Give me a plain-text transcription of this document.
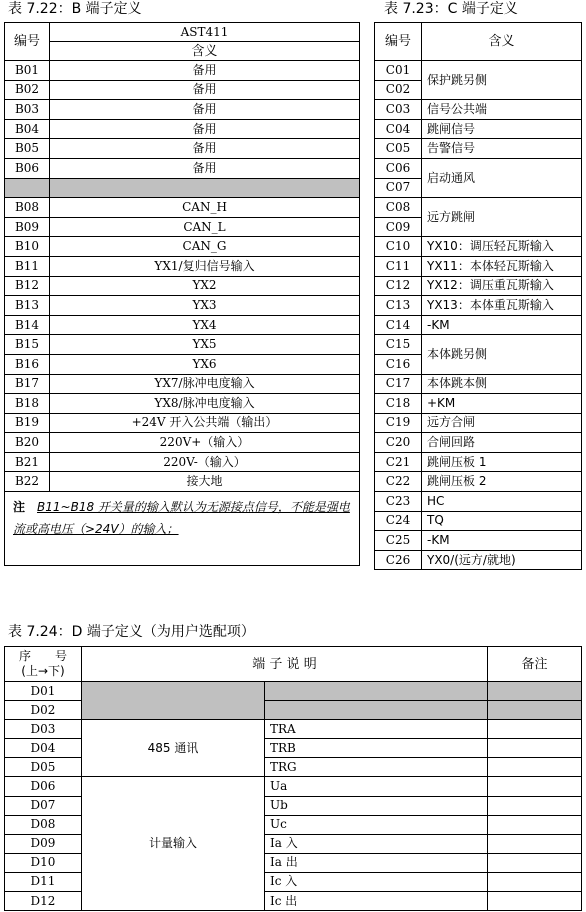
表 7.22：B 端子定义	表 7.23：C 端子定义
表 7.24：D 端子定义（为用户选配项）
编号	AST411
	含义
B01	备用
B02	备用
B03	备用
B04	备用
B05	备用
B06	备用

B08	CAN_H
B09	CAN_L
B10	CAN_G
B11	YX1/复归信号输入
B12	YX2
B13	YX3
B14	YX4
B15	YX5
B16	YX6
B17	YX7/脉冲电度输入
B18	YX8/脉冲电度输入
B19	+24V 开入公共端（输出）
B20	220V+（输入）
B21	220V-（输入）
B22	接大地
注　 B11~B18 开关量的输入默认为无源接点信号，不能是强电流或高电压（>24V）的输入；	
编号	含义
C01	保护跳另侧
C02	
C03	信号公共端
C04	跳闸信号
C05	告警信号
C06	启动通风
C07	
C08	远方跳闸
C09	
C10	YX10：调压轻瓦斯输入
C11	YX11：本体轻瓦斯输入
C12	YX12：调压重瓦斯输入
C13	YX13：本体重瓦斯输入
C14	-KM
C15	本体跳另侧
C16	
C17	本体跳本侧
C18	+KM
C19	远方合闸
C20	合闸回路
C21	跳闸压板 1
C22	跳闸压板 2
C23	HC
C24	TQ
C25	-KM
C26	YX0/(远方/就地)
序　　号
(上→下)	端 子 说 明		备注
D01			
D02			
D03	485 通讯	TRA	
D04		TRB	
D05		TRG	
D06	计量输入	Ua	
D07		Ub	
D08		Uc	
D09		Ia 入	
D10		Ia 出	
D11		Ic 入	
D12		Ic 出	
